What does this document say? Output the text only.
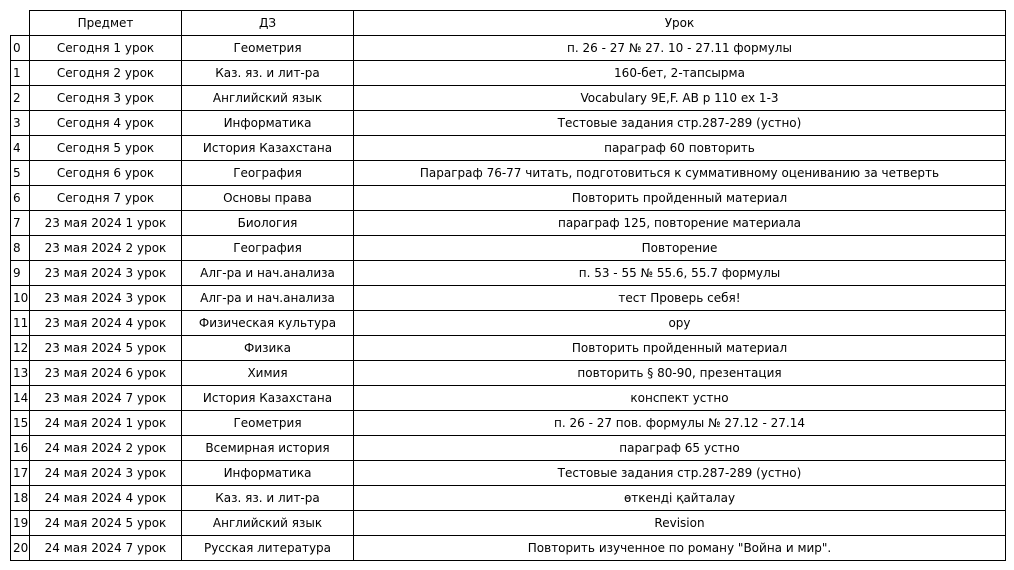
	Предмет	ДЗ	Урок
0	Сегодня 1 урок	Геометрия	п. 26 - 27 № 27. 10 - 27.11 формулы
1	Сегодня 2 урок	Каз. яз. и лит-ра	160-бет, 2-тапсырма
2	Сегодня 3 урок	Английский язык	Vocabulary 9E,F. AB p 110 ex 1-3
3	Сегодня 4 урок	Информатика	Тестовые задания стр.287-289 (устно)
4	Сегодня 5 урок	История Казахстана	параграф 60 повторить
5	Сегодня 6 урок	География	Параграф 76-77 читать, подготовиться к суммативному оцениванию за четверть
6	Сегодня 7 урок	Основы права	Повторить пройденный материал
7	23 мая 2024 1 урок	Биология	параграф 125, повторение материала
8	23 мая 2024 2 урок	География	Повторение
9	23 мая 2024 3 урок	Алг-ра и нач.анализа	п. 53 - 55 № 55.6, 55.7 формулы
10	23 мая 2024 3 урок	Алг-ра и нач.анализа	тест Проверь себя!
11	23 мая 2024 4 урок	Физическая культура	ору
12	23 мая 2024 5 урок	Физика	Повторить пройденный материал
13	23 мая 2024 6 урок	Химия	повторить § 80-90, презентация
14	23 мая 2024 7 урок	История Казахстана	конспект устно
15	24 мая 2024 1 урок	Геометрия	п. 26 - 27 пов. формулы № 27.12 - 27.14
16	24 мая 2024 2 урок	Всемирная история	параграф 65 устно
17	24 мая 2024 3 урок	Информатика	Тестовые задания стр.287-289 (устно)
18	24 мая 2024 4 урок	Каз. яз. и лит-ра	өткенді қайталау
19	24 мая 2024 5 урок	Английский язык	Revision
20	24 мая 2024 7 урок	Русская литература	Повторить изученное по роману "Война и мир".
